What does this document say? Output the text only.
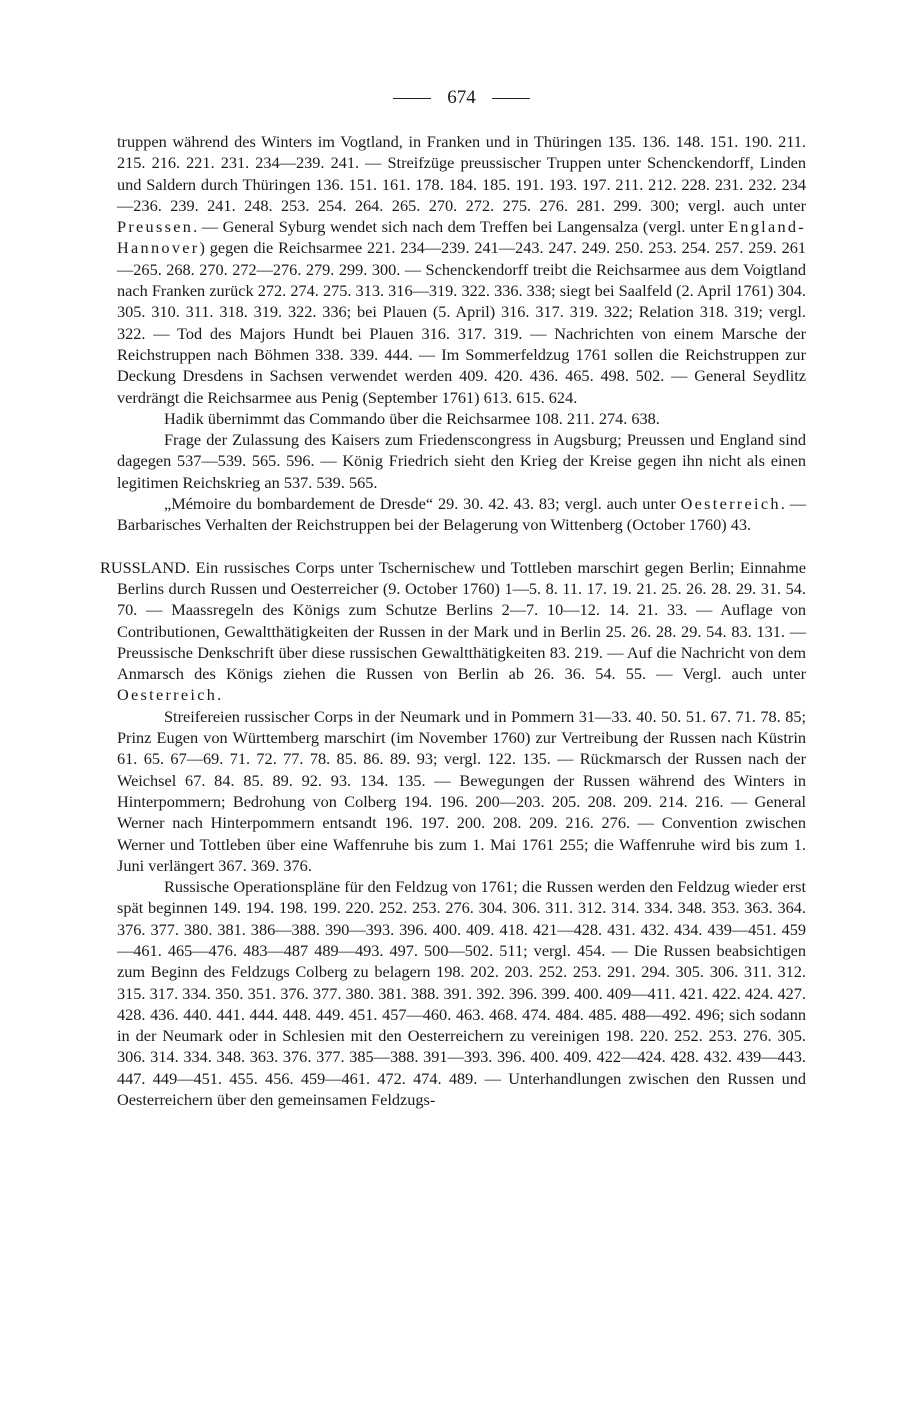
674

truppen während des Winters im Vogtland, in Franken und in Thüringen 135. 136. 148. 151. 190. 211. 215. 216. 221. 231. 234—239. 241. — Streifzüge preussischer Truppen unter Schenckendorff, Linden und Saldern durch Thüringen 136. 151. 161. 178. 184. 185. 191. 193. 197. 211. 212. 228. 231. 232. 234—236. 239. 241. 248. 253. 254. 264. 265. 270. 272. 275. 276. 281. 299. 300; vergl. auch unter Preussen. — General Syburg wendet sich nach dem Treffen bei Langensalza (vergl. unter England-Hannover) gegen die Reichsarmee 221. 234—239. 241—243. 247. 249. 250. 253. 254. 257. 259. 261—265. 268. 270. 272—276. 279. 299. 300. — Schenckendorff treibt die Reichsarmee aus dem Voigtland nach Franken zurück 272. 274. 275. 313. 316—319. 322. 336. 338; siegt bei Saalfeld (2. April 1761) 304. 305. 310. 311. 318. 319. 322. 336; bei Plauen (5. April) 316. 317. 319. 322; Relation 318. 319; vergl. 322. — Tod des Majors Hundt bei Plauen 316. 317. 319. — Nachrichten von einem Marsche der Reichstruppen nach Böhmen 338. 339. 444. — Im Sommerfeldzug 1761 sollen die Reichstruppen zur Deckung Dresdens in Sachsen verwendet werden 409. 420. 436. 465. 498. 502. — General Seydlitz verdrängt die Reichsarmee aus Penig (September 1761) 613. 615. 624.

Hadik übernimmt das Commando über die Reichsarmee 108. 211. 274. 638.

Frage der Zulassung des Kaisers zum Friedenscongress in Augsburg; Preussen und England sind dagegen 537—539. 565. 596. — König Friedrich sieht den Krieg der Kreise gegen ihn nicht als einen legitimen Reichskrieg an 537. 539. 565.

„Mémoire du bombardement de Dresde“ 29. 30. 42. 43. 83; vergl. auch unter Oesterreich. — Barbarisches Verhalten der Reichstruppen bei der Belagerung von Wittenberg (October 1760) 43.

RUSSLAND. Ein russisches Corps unter Tschernischew und Tottleben marschirt gegen Berlin; Einnahme Berlins durch Russen und Oesterreicher (9. October 1760) 1—5. 8. 11. 17. 19. 21. 25. 26. 28. 29. 31. 54. 70. — Maassregeln des Königs zum Schutze Berlins 2—7. 10—12. 14. 21. 33. — Auflage von Contributionen, Gewaltthätigkeiten der Russen in der Mark und in Berlin 25. 26. 28. 29. 54. 83. 131. — Preussische Denkschrift über diese russischen Gewaltthätigkeiten 83. 219. — Auf die Nachricht von dem Anmarsch des Königs ziehen die Russen von Berlin ab 26. 36. 54. 55. — Vergl. auch unter Oesterreich.

Streifereien russischer Corps in der Neumark und in Pommern 31—33. 40. 50. 51. 67. 71. 78. 85; Prinz Eugen von Württemberg marschirt (im November 1760) zur Vertreibung der Russen nach Küstrin 61. 65. 67—69. 71. 72. 77. 78. 85. 86. 89. 93; vergl. 122. 135. — Rückmarsch der Russen nach der Weichsel 67. 84. 85. 89. 92. 93. 134. 135. — Bewegungen der Russen während des Winters in Hinterpommern; Bedrohung von Colberg 194. 196. 200—203. 205. 208. 209. 214. 216. — General Werner nach Hinterpommern entsandt 196. 197. 200. 208. 209. 216. 276. — Convention zwischen Werner und Tottleben über eine Waffenruhe bis zum 1. Mai 1761 255; die Waffenruhe wird bis zum 1. Juni verlängert 367. 369. 376.

Russische Operationspläne für den Feldzug von 1761; die Russen werden den Feldzug wieder erst spät beginnen 149. 194. 198. 199. 220. 252. 253. 276. 304. 306. 311. 312. 314. 334. 348. 353. 363. 364. 376. 377. 380. 381. 386—388. 390—393. 396. 400. 409. 418. 421—428. 431. 432. 434. 439—451. 459—461. 465—476. 483—487 489—493. 497. 500—502. 511; vergl. 454. — Die Russen beabsichtigen zum Beginn des Feldzugs Colberg zu belagern 198. 202. 203. 252. 253. 291. 294. 305. 306. 311. 312. 315. 317. 334. 350. 351. 376. 377. 380. 381. 388. 391. 392. 396. 399. 400. 409—411. 421. 422. 424. 427. 428. 436. 440. 441. 444. 448. 449. 451. 457—460. 463. 468. 474. 484. 485. 488—492. 496; sich sodann in der Neumark oder in Schlesien mit den Oesterreichern zu vereinigen 198. 220. 252. 253. 276. 305. 306. 314. 334. 348. 363. 376. 377. 385—388. 391—393. 396. 400. 409. 422—424. 428. 432. 439—443. 447. 449—451. 455. 456. 459—461. 472. 474. 489. — Unterhandlungen zwischen den Russen und Oesterreichern über den gemeinsamen Feldzugs-
